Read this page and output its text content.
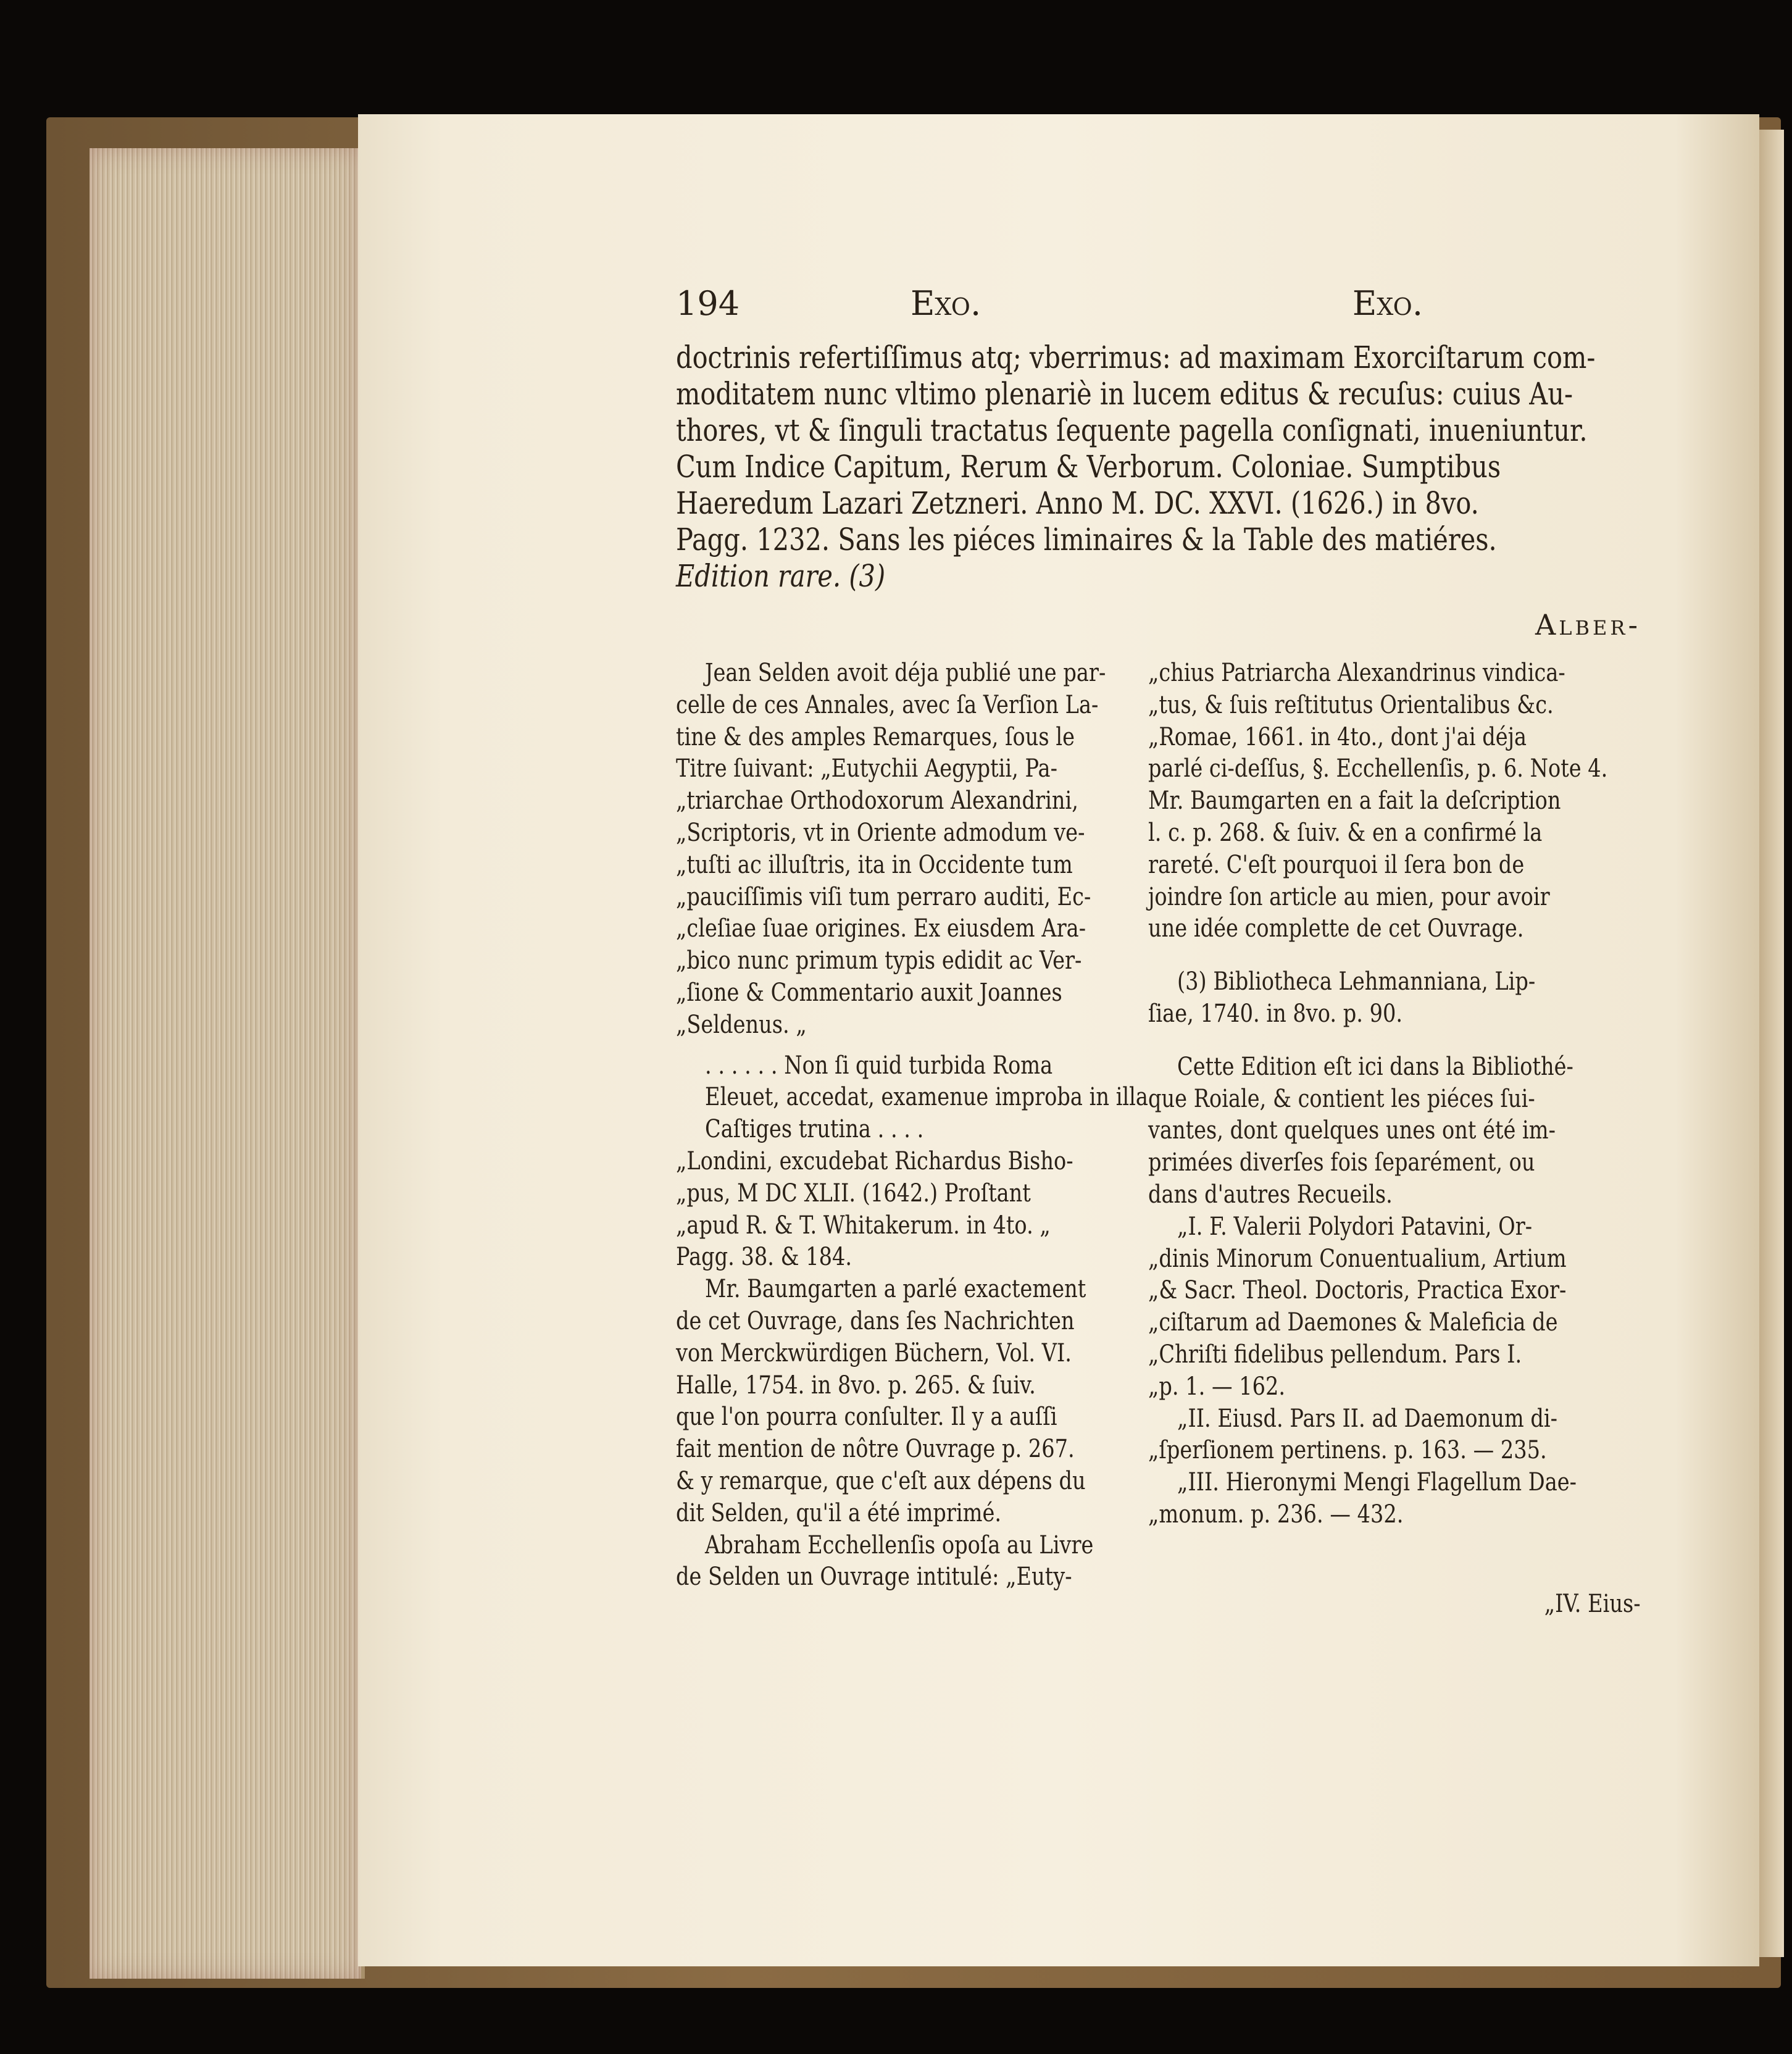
194	Exo.	Exo.
doctrinis refertiſſimus atq; vberrimus: ad maximam Exorciſtarum com-
moditatem nunc vltimo plenariè in lucem editus & recuſus: cuius Au-
thores, vt & ſinguli tractatus ſequente pagella conſignati, inueniuntur.
Cum Indice Capitum, Rerum & Verborum. Coloniae. Sumptibus
Haeredum Lazari Zetzneri. Anno M. DC. XXVI. (1626.) in 8vo.
Pagg. 1232. Sans les piéces liminaires & la Table des matiéres.
Edition rare. (3)
Alber-

Jean Selden avoit déja publié une par-
celle de ces Annales, avec ſa Verſion La-
tine & des amples Remarques, ſous le
Titre ſuivant: „Eutychii Aegyptii, Pa-
„triarchae Orthodoxorum Alexandrini,
„Scriptoris, vt in Oriente admodum ve-
„tuſti ac illuſtris, ita in Occidente tum
„pauciſſimis viſi tum perraro auditi, Ec-
„cleſiae ſuae origines. Ex eiusdem Ara-
„bico nunc primum typis edidit ac Ver-
„ſione & Commentario auxit Joannes
„Seldenus. „

. . . . . . Non ſi quid turbida Roma
Eleuet, accedat, examenue improba in illa
Caſtiges trutina . . . .

„Londini, excudebat Richardus Bisho-
„pus, M DC XLII. (1642.) Proſtant
„apud R. & T. Whitakerum. in 4to. „
Pagg. 38. & 184.

Mr. Baumgarten a parlé exactement
de cet Ouvrage, dans ſes Nachrichten
von Merckwürdigen Büchern, Vol. VI.
Halle, 1754. in 8vo. p. 265. & ſuiv.
que l'on pourra conſulter. Il y a auſſi
fait mention de nôtre Ouvrage p. 267.
& y remarque, que c'eſt aux dépens du
dit Selden, qu'il a été imprimé.

Abraham Ecchellenſis opoſa au Livre
de Selden un Ouvrage intitulé: „Euty-

„chius Patriarcha Alexandrinus vindica-
„tus, & ſuis reſtitutus Orientalibus &c.
„Romae, 1661. in 4to., dont j'ai déja
parlé ci-deſſus, §. Ecchellenſis, p. 6. Note 4.
Mr. Baumgarten en a fait la deſcription
l. c. p. 268. & ſuiv. & en a confirmé la
rareté. C'eſt pourquoi il ſera bon de
joindre ſon article au mien, pour avoir
une idée complette de cet Ouvrage.

(3) Bibliotheca Lehmanniana, Lip-
ſiae, 1740. in 8vo. p. 90.

Cette Edition eſt ici dans la Bibliothé-
que Roiale, & contient les piéces ſui-
vantes, dont quelques unes ont été im-
primées diverſes fois ſeparément, ou
dans d'autres Recueils.

„I. F. Valerii Polydori Patavini, Or-
„dinis Minorum Conuentualium, Artium
„& Sacr. Theol. Doctoris, Practica Exor-
„ciſtarum ad Daemones & Maleficia de
„Chriſti fidelibus pellendum. Pars I.
„p. 1. — 162.

„II. Eiusd. Pars II. ad Daemonum di-
„ſperſionem pertinens. p. 163. — 235.

„III. Hieronymi Mengi Flagellum Dae-
„monum. p. 236. — 432.

„IV. Eius-
